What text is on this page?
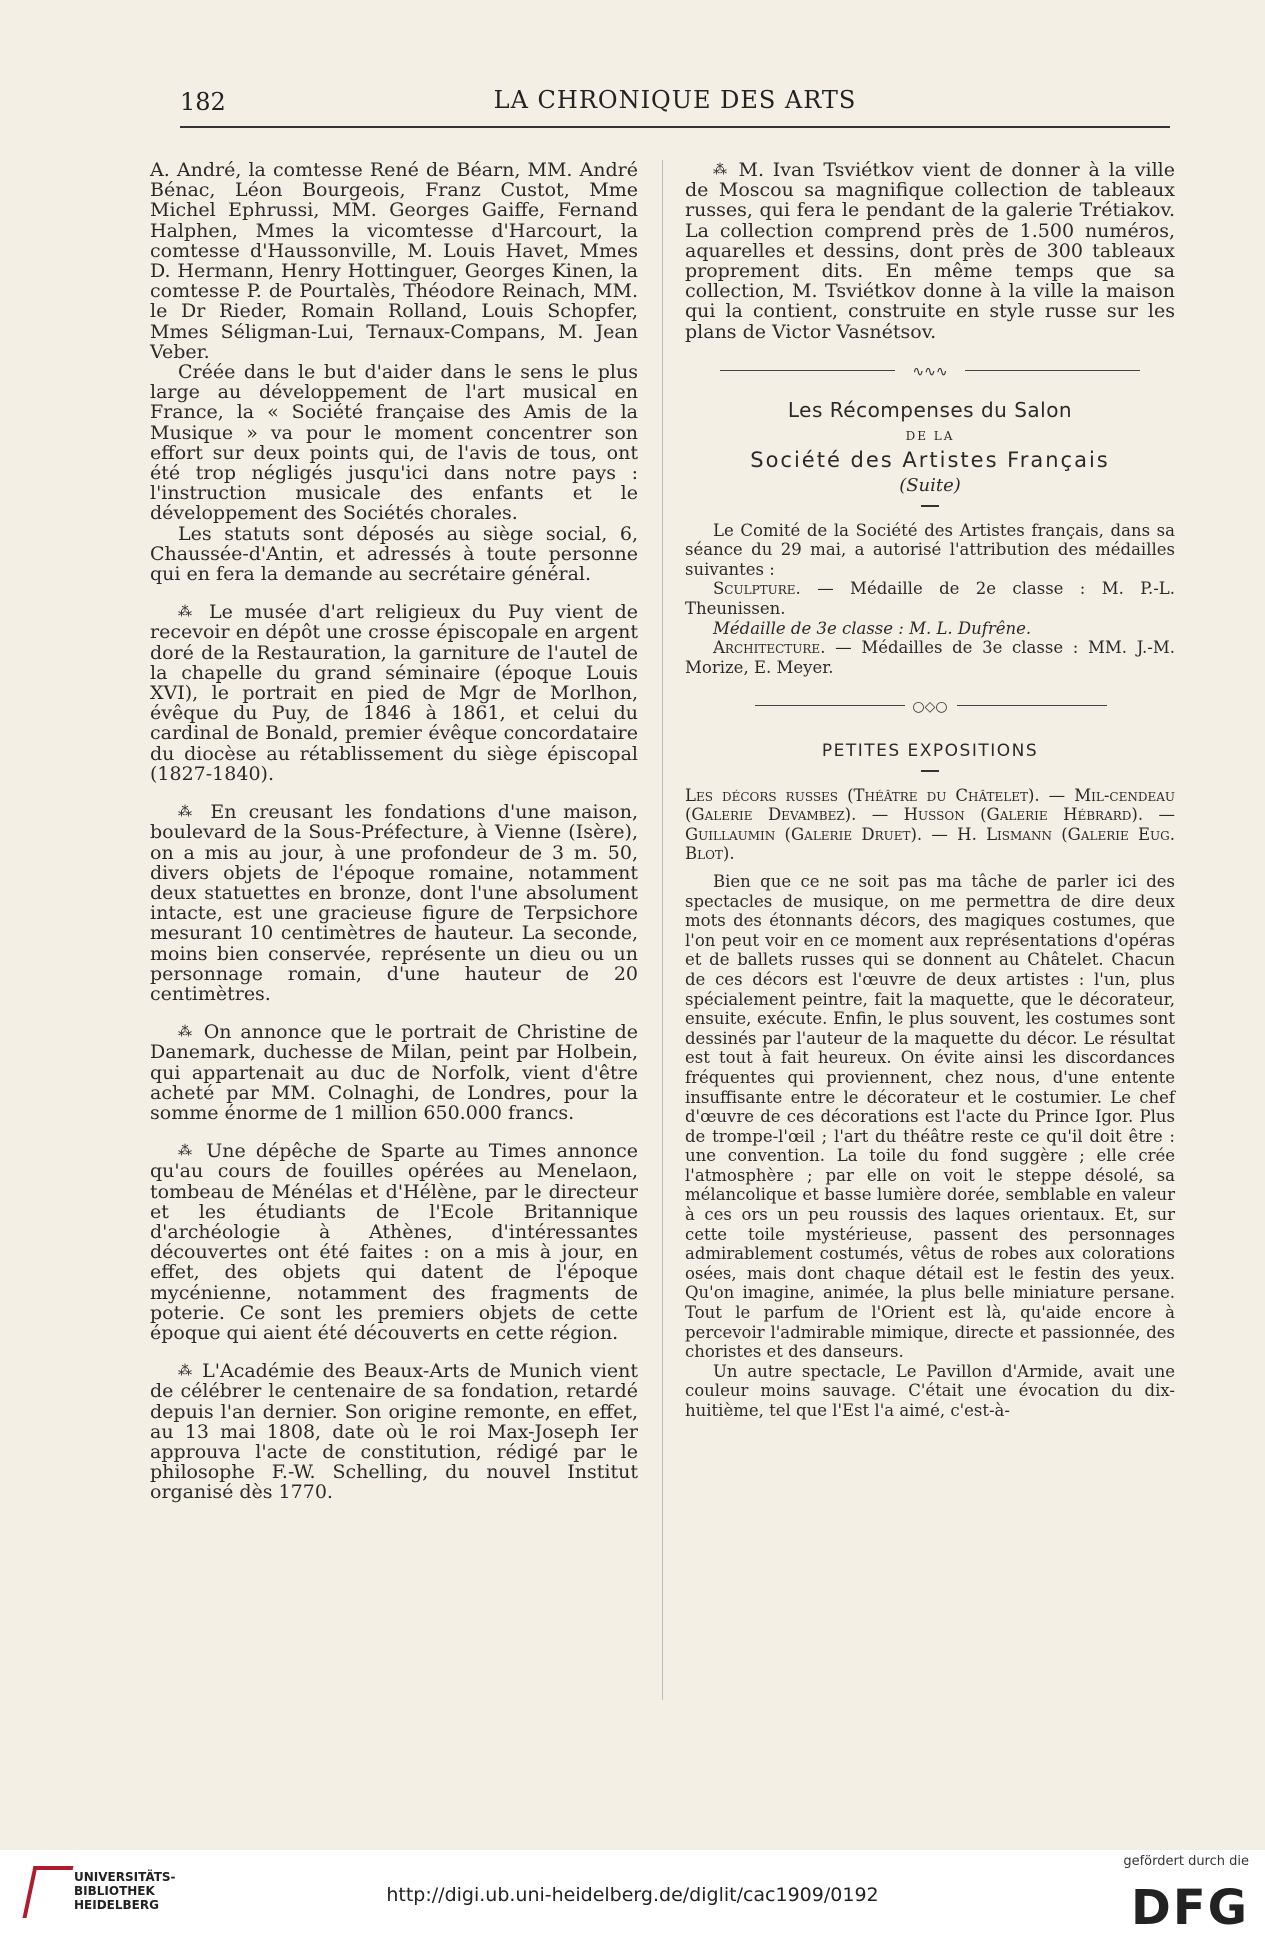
182	LA CHRONIQUE DES ARTS

A. André, la comtesse René de Béarn, MM. André Bénac, Léon Bourgeois, Franz Custot, Mme Michel Ephrussi, MM. Georges Gaiffe, Fernand Halphen, Mmes la vicomtesse d'Harcourt, la comtesse d'Haussonville, M. Louis Havet, Mmes D. Hermann, Henry Hottinguer, Georges Kinen, la comtesse P. de Pourtalès, Théodore Reinach, MM. le Dr Rieder, Romain Rolland, Louis Schopfer, Mmes Séligman-Lui, Ternaux-Compans, M. Jean Veber.

Créée dans le but d'aider dans le sens le plus large au développement de l'art musical en France, la « Société française des Amis de la Musique » va pour le moment concentrer son effort sur deux points qui, de l'avis de tous, ont été trop négligés jusqu'ici dans notre pays : l'instruction musicale des enfants et le développement des Sociétés chorales.

Les statuts sont déposés au siège social, 6, Chaussée-d'Antin, et adressés à toute personne qui en fera la demande au secrétaire général.

⁂ Le musée d'art religieux du Puy vient de recevoir en dépôt une crosse épiscopale en argent doré de la Restauration, la garniture de l'autel de la chapelle du grand séminaire (époque Louis XVI), le portrait en pied de Mgr de Morlhon, évêque du Puy, de 1846 à 1861, et celui du cardinal de Bonald, premier évêque concordataire du diocèse au rétablissement du siège épiscopal (1827-1840).

⁂ En creusant les fondations d'une maison, boulevard de la Sous-Préfecture, à Vienne (Isère), on a mis au jour, à une profondeur de 3 m. 50, divers objets de l'époque romaine, notamment deux statuettes en bronze, dont l'une absolument intacte, est une gracieuse figure de Terpsichore mesurant 10 centimètres de hauteur. La seconde, moins bien conservée, représente un dieu ou un personnage romain, d'une hauteur de 20 centimètres.

⁂ On annonce que le portrait de Christine de Danemark, duchesse de Milan, peint par Holbein, qui appartenait au duc de Norfolk, vient d'être acheté par MM. Colnaghi, de Londres, pour la somme énorme de 1 million 650.000 francs.

⁂ Une dépêche de Sparte au Times annonce qu'au cours de fouilles opérées au Menelaon, tombeau de Ménélas et d'Hélène, par le directeur et les étudiants de l'Ecole Britannique d'archéologie à Athènes, d'intéressantes découvertes ont été faites : on a mis à jour, en effet, des objets qui datent de l'époque mycénienne, notamment des fragments de poterie. Ce sont les premiers objets de cette époque qui aient été découverts en cette région.

⁂ L'Académie des Beaux-Arts de Munich vient de célébrer le centenaire de sa fondation, retardé depuis l'an dernier. Son origine remonte, en effet, au 13 mai 1808, date où le roi Max-Joseph Ier approuva l'acte de constitution, rédigé par le philosophe F.-W. Schelling, du nouvel Institut organisé dès 1770.

⁂ M. Ivan Tsviétkov vient de donner à la ville de Moscou sa magnifique collection de tableaux russes, qui fera le pendant de la galerie Trétiakov. La collection comprend près de 1.500 numéros, aquarelles et dessins, dont près de 300 tableaux proprement dits. En même temps que sa collection, M. Tsviétkov donne à la ville la maison qui la contient, construite en style russe sur les plans de Victor Vasnétsov.

∿∿∿
Les Récompenses du Salon
DE LA
Société des Artistes Français
(Suite)

Le Comité de la Société des Artistes français, dans sa séance du 29 mai, a autorisé l'attribution des médailles suivantes :

Sculpture. — Médaille de 2e classe : M. P.-L. Theunissen.

Médaille de 3e classe : M. L. Dufrêne.

Architecture. — Médailles de 3e classe : MM. J.-M. Morize, E. Meyer.

○◇○
PETITES EXPOSITIONS

Les décors russes (Théâtre du Châtelet). — Mil-cendeau (Galerie Devambez). — Husson (Galerie Hébrard). — Guillaumin (Galerie Druet). — H. Lismann (Galerie Eug. Blot).

Bien que ce ne soit pas ma tâche de parler ici des spectacles de musique, on me permettra de dire deux mots des étonnants décors, des magiques costumes, que l'on peut voir en ce moment aux représentations d'opéras et de ballets russes qui se donnent au Châtelet. Chacun de ces décors est l'œuvre de deux artistes : l'un, plus spécialement peintre, fait la maquette, que le décorateur, ensuite, exécute. Enfin, le plus souvent, les costumes sont dessinés par l'auteur de la maquette du décor. Le résultat est tout à fait heureux. On évite ainsi les discordances fréquentes qui proviennent, chez nous, d'une entente insuffisante entre le décorateur et le costumier. Le chef d'œuvre de ces décorations est l'acte du Prince Igor. Plus de trompe-l'œil ; l'art du théâtre reste ce qu'il doit être : une convention. La toile du fond suggère ; elle crée l'atmosphère ; par elle on voit le steppe désolé, sa mélancolique et basse lumière dorée, semblable en valeur à ces ors un peu roussis des laques orientaux. Et, sur cette toile mystérieuse, passent des personnages admirablement costumés, vêtus de robes aux colorations osées, mais dont chaque détail est le festin des yeux. Qu'on imagine, animée, la plus belle miniature persane. Tout le parfum de l'Orient est là, qu'aide encore à percevoir l'admirable mimique, directe et passionnée, des choristes et des danseurs.

Un autre spectacle, Le Pavillon d'Armide, avait une couleur moins sauvage. C'était une évocation du dix-huitième, tel que l'Est l'a aimé, c'est-à-

UNIVERSITÄTS-
BIBLIOTHEK
HEIDELBERG	http://digi.ub.uni-heidelberg.de/diglit/cac1909/0192
gefördert durch die
DFG
